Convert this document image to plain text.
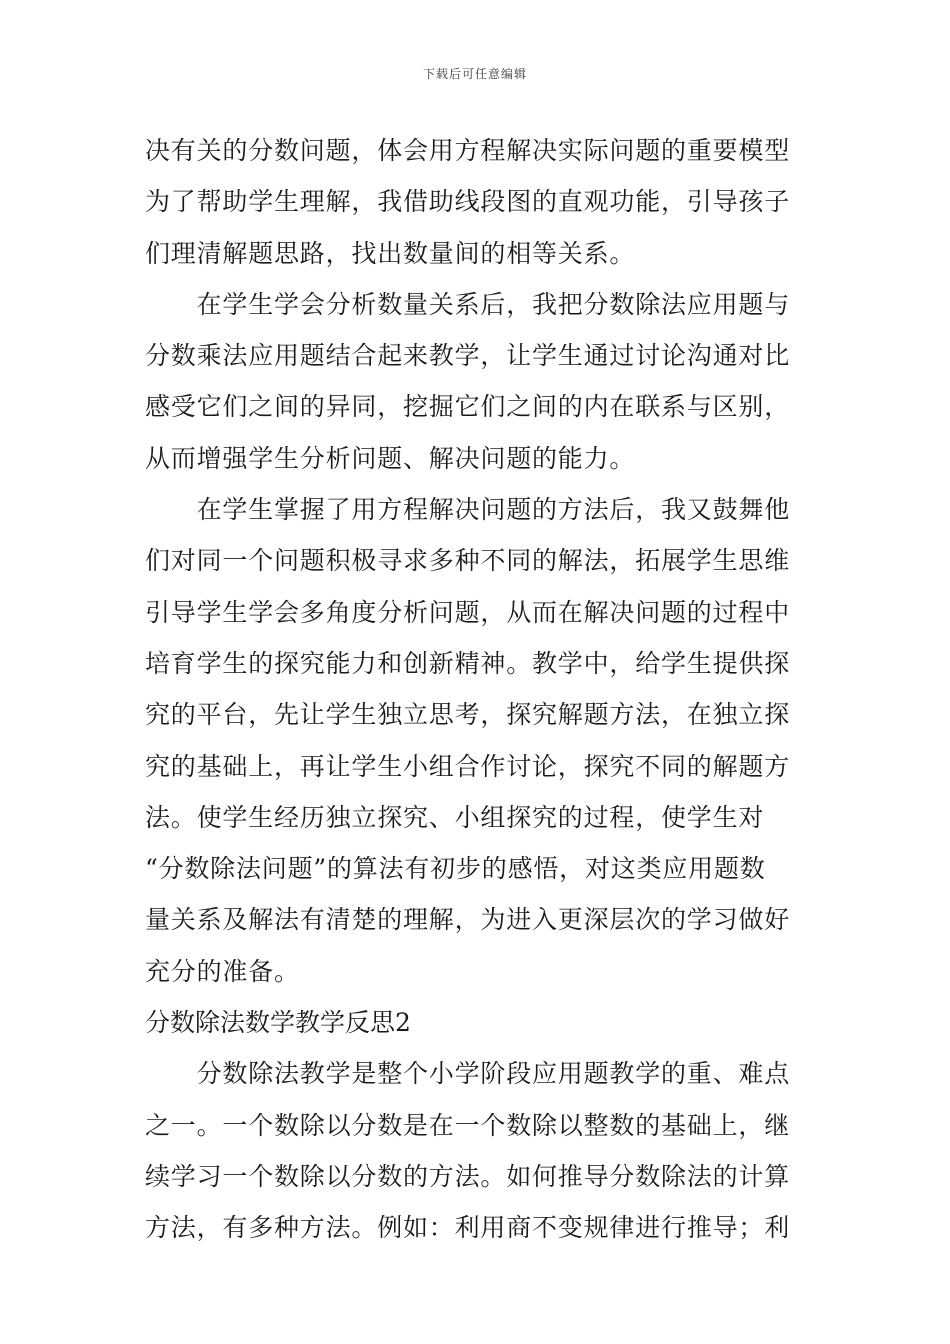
下载后可任意编辑
决有关的分数问题，体会用方程解决实际问题的重要模型
为了帮助学生理解，我借助线段图的直观功能，引导孩子
们理清解题思路，找出数量间的相等关系。
　　在学生学会分析数量关系后，我把分数除法应用题与
分数乘法应用题结合起来教学，让学生通过讨论沟通对比
感受它们之间的异同，挖掘它们之间的内在联系与区别，
从而增强学生分析问题、解决问题的能力。
　　在学生掌握了用方程解决问题的方法后，我又鼓舞他
们对同一个问题积极寻求多种不同的解法，拓展学生思维
引导学生学会多角度分析问题，从而在解决问题的过程中
培育学生的探究能力和创新精神。教学中，给学生提供探
究的平台，先让学生独立思考，探究解题方法，在独立探
究的基础上，再让学生小组合作讨论，探究不同的解题方
法。使学生经历独立探究、小组探究的过程，使学生对
“分数除法问题”的算法有初步的感悟，对这类应用题数
量关系及解法有清楚的理解，为进入更深层次的学习做好
充分的准备。
分数除法数学教学反思2
　　分数除法教学是整个小学阶段应用题教学的重、难点
之一。一个数除以分数是在一个数除以整数的基础上，继
续学习一个数除以分数的方法。如何推导分数除法的计算
方法，有多种方法。例如：利用商不变规律进行推导；利
